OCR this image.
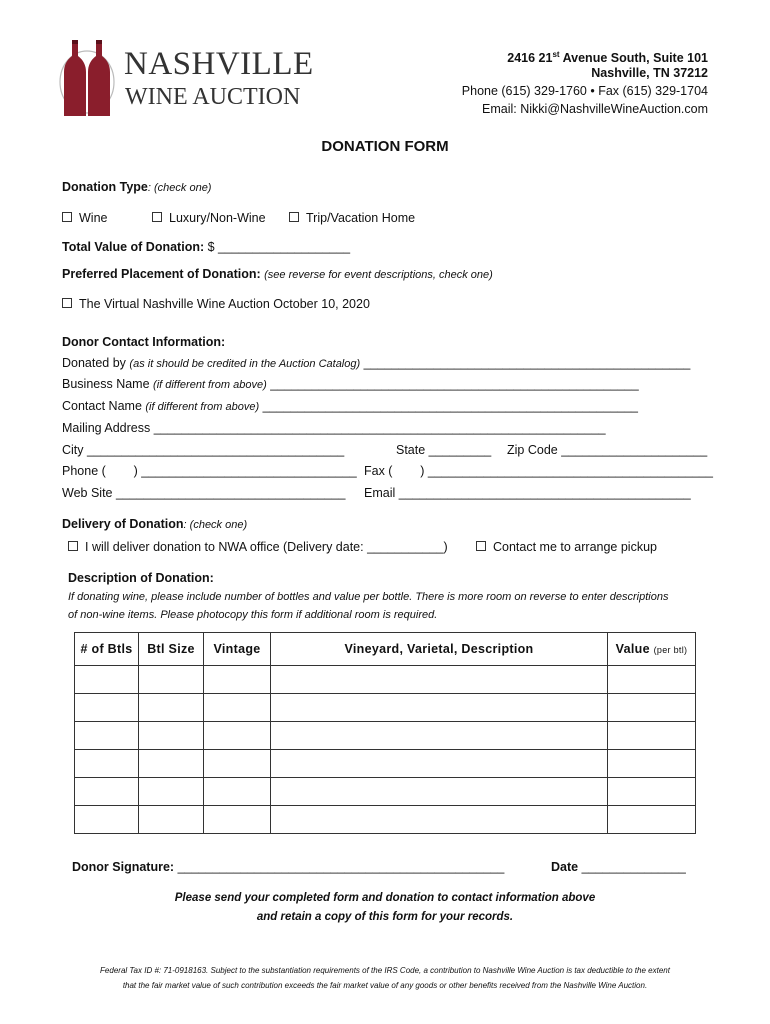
NASHVILLE
WINE AUCTION
2416 21st Avenue South, Suite 101
Nashville, TN 37212
Phone (615) 329-1760 • Fax (615) 329-1704
Email: Nikki@NashvilleWineAuction.com
DONATION FORM
Donation Type: (check one)
Wine	Luxury/Non-Wine	Trip/Vacation Home
Total Value of Donation: $ ___________________
Preferred Placement of Donation: (see reverse for event descriptions, check one)
The Virtual Nashville Wine Auction October 10, 2020
Donor Contact Information:
Donated by (as it should be credited in the Auction Catalog) _______________________________________________
Business Name (if different from above) _____________________________________________________
Contact Name (if different from above) ______________________________________________________
Mailing Address _________________________________________________________________
City _____________________________________	State _________ Zip Code _____________________
Phone (        ) _______________________________ Fax (        ) _________________________________________
Web Site _________________________________ Email __________________________________________
Delivery of Donation: (check one)
I will deliver donation to NWA office (Delivery date: ___________)	Contact me to arrange pickup
Description of Donation:
If donating wine, please include number of bottles and value per bottle. There is more room on reverse to enter descriptions
of non-wine items. Please photocopy this form if additional room is required.
# of Btls	Btl Size	Vintage	Vineyard, Varietal, Description	Value (per btl)

Donor Signature: _______________________________________________	Date _______________
Please send your completed form and donation to contact information above
and retain a copy of this form for your records.
Federal Tax ID #: 71-0918163. Subject to the substantiation requirements of the IRS Code, a contribution to Nashville Wine Auction is tax deductible to the extent
that the fair market value of such contribution exceeds the fair market value of any goods or other benefits received from the Nashville Wine Auction.
